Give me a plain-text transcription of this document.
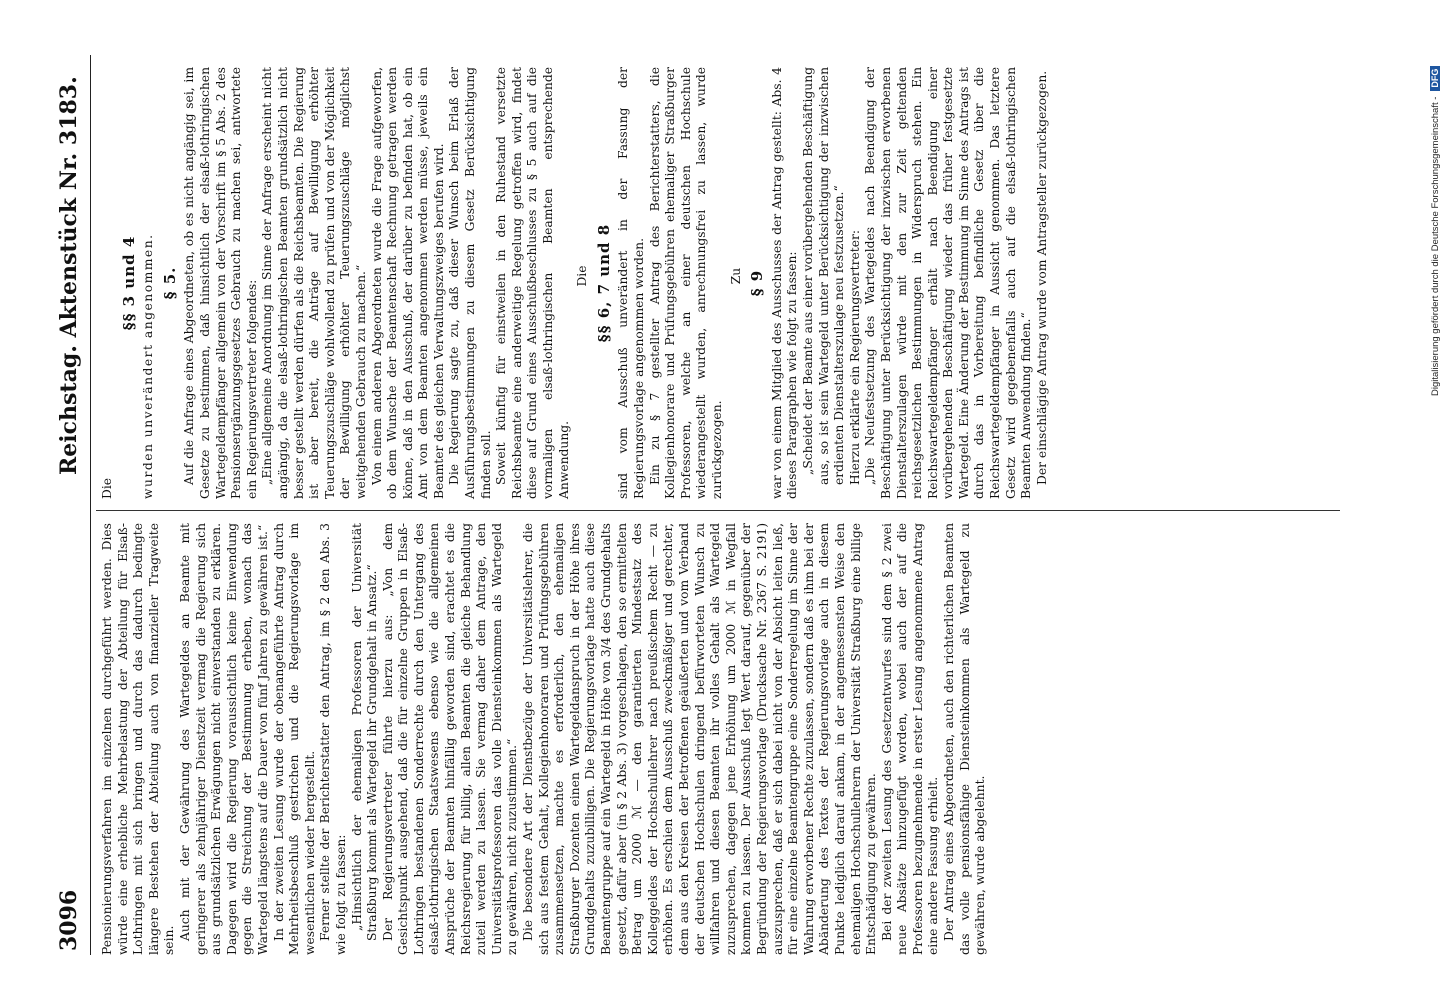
3096
Reichstag. Aktenstück Nr. 3183.

Pensionierungsverfahren im einzelnen durchgeführt werden. Dies würde eine erhebliche Mehrbelastung der Abteilung für Elsaß-Lothringen mit sich bringen und durch das dadurch bedingte längere Bestehen der Abteilung auch von finanzieller Tragweite sein. Auch mit der Gewährung des Wartegeldes an Beamte mit geringerer als zehnjähriger Dienstzeit vermag die Regierung sich aus grundsätzlichen Erwägungen nicht einverstanden zu erklären. Dagegen wird die Regierung voraussichtlich keine Einwendung gegen die Streichung der Bestimmung erheben, wonach das Wartegeld längstens auf die Dauer von fünf Jahren zu gewähren ist.“ In der zweiten Lesung wurde der obenangeführte Antrag durch Mehrheitsbeschluß gestrichen und die Regierungsvorlage im wesentlichen wieder hergestellt. Ferner stellte der Berichterstatter den Antrag, im § 2 den Abs. 3 wie folgt zu fassen: „Hinsichtlich der ehemaligen Professoren der Universität Straßburg kommt als Wartegeld ihr Grundgehalt in Ansatz.“ Der Regierungsvertreter führte hierzu aus: „Von dem Gesichtspunkt ausgehend, daß die für einzelne Gruppen in Elsaß-Lothringen bestandenen Sonderrechte durch den Untergang des elsaß-lothringischen Staatswesens ebenso wie die allgemeinen Ansprüche der Beamten hinfällig geworden sind, erachtet es die Reichsregierung für billig, allen Beamten die gleiche Behandlung zuteil werden zu lassen. Sie vermag daher dem Antrage, den Universitätsprofessoren das volle Diensteinkommen als Wartegeld zu gewähren, nicht zuzustimmen.“ Die besondere Art der Dienstbezüge der Universitätslehrer, die sich aus festem Gehalt, Kollegienhonoraren und Prüfungsgebühren zusammensetzen, machte es erforderlich, den ehemaligen Straßburger Dozenten einen Wartegeldanspruch in der Höhe ihres Grundgehalts zuzubilligen. Die Regierungsvorlage hatte auch diese Beamtengruppe auf ein Wartegeld in Höhe von 3/4 des Grundgehalts gesetzt, dafür aber (in § 2 Abs. 3) vorgeschlagen, den so ermittelten Betrag um 2000 ℳ — den garantierten Mindestsatz des Kolleggeldes der Hochschullehrer nach preußischem Recht — zu erhöhen. Es erschien dem Ausschuß zweckmäßiger und gerechter, dem aus den Kreisen der Betroffenen geäußerten und vom Verband der deutschen Hochschulen dringend befürworteten Wunsch zu willfahren und diesen Beamten ihr volles Gehalt als Wartegeld zuzusprechen, dagegen jene Erhöhung um 2000 ℳ in Wegfall kommen zu lassen. Der Ausschuß legt Wert darauf, gegenüber der Begründung der Regierungsvorlage (Drucksache Nr. 2367 S. 2191) auszusprechen, daß er sich dabei nicht von der Absicht leiten ließ, für eine einzelne Beamtengruppe eine Sonderregelung im Sinne der Wahrung erworbener Rechte zuzulassen, sondern daß es ihm bei der Abänderung des Textes der Regierungsvorlage auch in diesem Punkte lediglich darauf ankam, in der angemessensten Weise den ehemaligen Hochschullehrern der Universität Straßburg eine billige Entschädigung zu gewähren. Bei der zweiten Lesung des Gesetzentwurfes sind dem § 2 zwei neue Absätze hinzugefügt worden, wobei auch der auf die Professoren bezugnehmende in erster Lesung angenommene Antrag eine andere Fassung erhielt. Der Antrag eines Abgeordneten, auch den richterlichen Beamten das volle pensionsfähige Diensteinkommen als Wartegeld zu gewähren, wurde abgelehnt.

Die

§§ 3 und 4 wurden unverändert angenommen. § 5. Auf die Anfrage eines Abgeordneten, ob es nicht angängig sei, im Gesetze zu bestimmen, daß hinsichtlich der elsaß-lothringischen Wartegeldempfänger allgemein von der Vorschrift im § 5 Abs. 2 des Pensionsergänzungsgesetzes Gebrauch zu machen sei, antwortete ein Regierungsvertreter folgendes: „Eine allgemeine Anordnung im Sinne der Anfrage erscheint nicht angängig, da die elsaß-lothringischen Beamten grundsätzlich nicht besser gestellt werden dürfen als die Reichsbeamten. Die Regierung ist aber bereit, die Anträge auf Bewilligung erhöhter Teuerungszuschläge wohlwollend zu prüfen und von der Möglichkeit der Bewilligung erhöhter Teuerungszuschläge möglichst weitgehenden Gebrauch zu machen.“ Von einem anderen Abgeordneten wurde die Frage aufgeworfen, ob dem Wunsche der Beamtenschaft Rechnung getragen werden könne, daß in den Ausschuß, der darüber zu befinden hat, ob ein Amt von dem Beamten angenommen werden müsse, jeweils ein Beamter des gleichen Verwaltungszweiges berufen wird. Die Regierung sagte zu, daß dieser Wunsch beim Erlaß der Ausführungsbestimmungen zu diesem Gesetz Berücksichtigung finden soll. Soweit künftig für einstweilen in den Ruhestand versetzte Reichsbeamte eine anderweitige Regelung getroffen wird, findet diese auf Grund eines Ausschußbeschlusses zu § 5 auch auf die vormaligen elsaß-lothringischen Beamten entsprechende Anwendung.

Die §§ 6, 7 und 8 sind vom Ausschuß unverändert in der Fassung der Regierungsvorlage angenommen worden. Ein zu § 7 gestellter Antrag des Berichterstatters, die Kollegienhonorare und Prüfungsgebühren ehemaliger Straßburger Professoren, welche an einer deutschen Hochschule wiederangestellt wurden, anrechnungsfrei zu lassen, wurde zurückgezogen.

Zu § 9 war von einem Mitglied des Ausschusses der Antrag gestellt: Abs. 4 dieses Paragraphen wie folgt zu fassen: „Scheidet der Beamte aus einer vorübergehenden Beschäftigung aus, so ist sein Wartegeld unter Berücksichtigung der inzwischen erdienten Dienstalterszulage neu festzusetzen.“ Hierzu erklärte ein Regierungsvertreter: „Die Neufestsetzung des Wartegeldes nach Beendigung der Beschäftigung unter Berücksichtigung der inzwischen erworbenen Dienstalterszulagen würde mit den zur Zeit geltenden reichsgesetzlichen Bestimmungen in Widerspruch stehen. Ein Reichswartegeldempfänger erhält nach Beendigung einer vorübergehenden Beschäftigung wieder das früher festgesetzte Wartegeld. Eine Änderung der Bestimmung im Sinne des Antrags ist durch das in Vorbereitung befindliche Gesetz über die Reichswartegeldempfänger in Aussicht genommen. Das letztere Gesetz wird gegebenenfalls auch auf die elsaß-lothringischen Beamten Anwendung finden.“ Der einschlägige Antrag wurde vom Antragsteller zurückgezogen.	Digitalisierung gefördert durch die Deutsche Forschungsgemeinschaft -DFG
